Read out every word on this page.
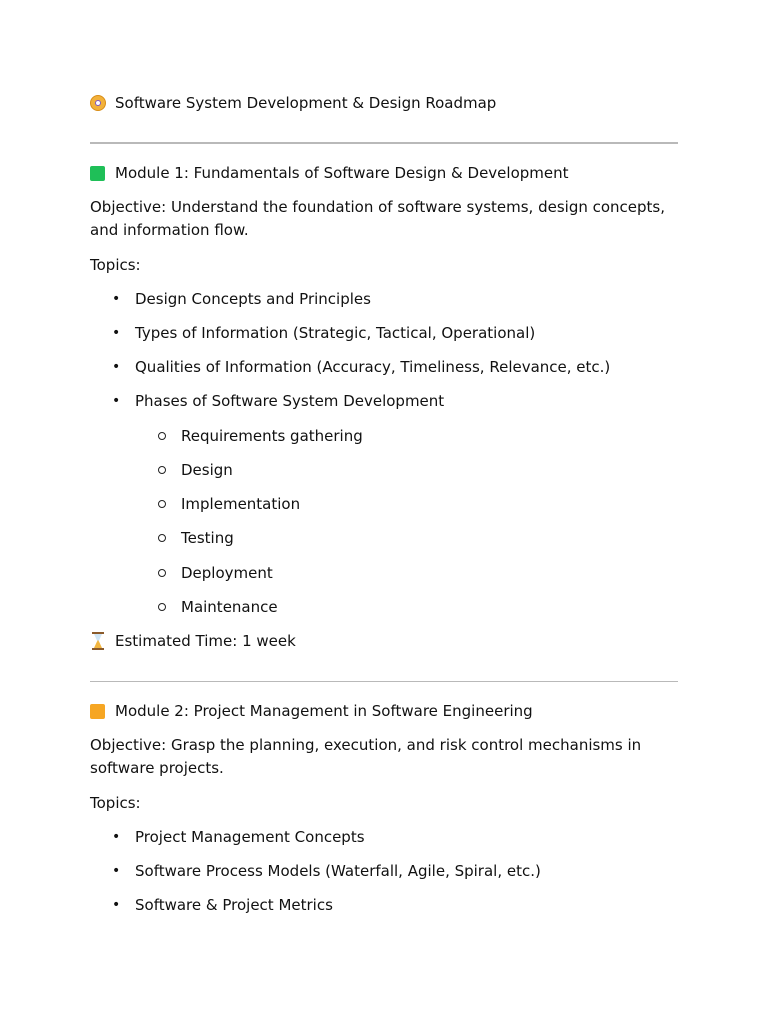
Software System Development & Design Roadmap
Module 1: Fundamentals of Software Design & Development
Objective: Understand the foundation of software systems, design concepts, and information flow.
Topics:
• Design Concepts and Principles
• Types of Information (Strategic, Tactical, Operational)
• Qualities of Information (Accuracy, Timeliness, Relevance, etc.)
• Phases of Software System Development
Requirements gathering
Design
Implementation
Testing
Deployment
Maintenance
Estimated Time: 1 week
Module 2: Project Management in Software Engineering
Objective: Grasp the planning, execution, and risk control mechanisms in software projects.
Topics:
• Project Management Concepts
• Software Process Models (Waterfall, Agile, Spiral, etc.)
• Software & Project Metrics
